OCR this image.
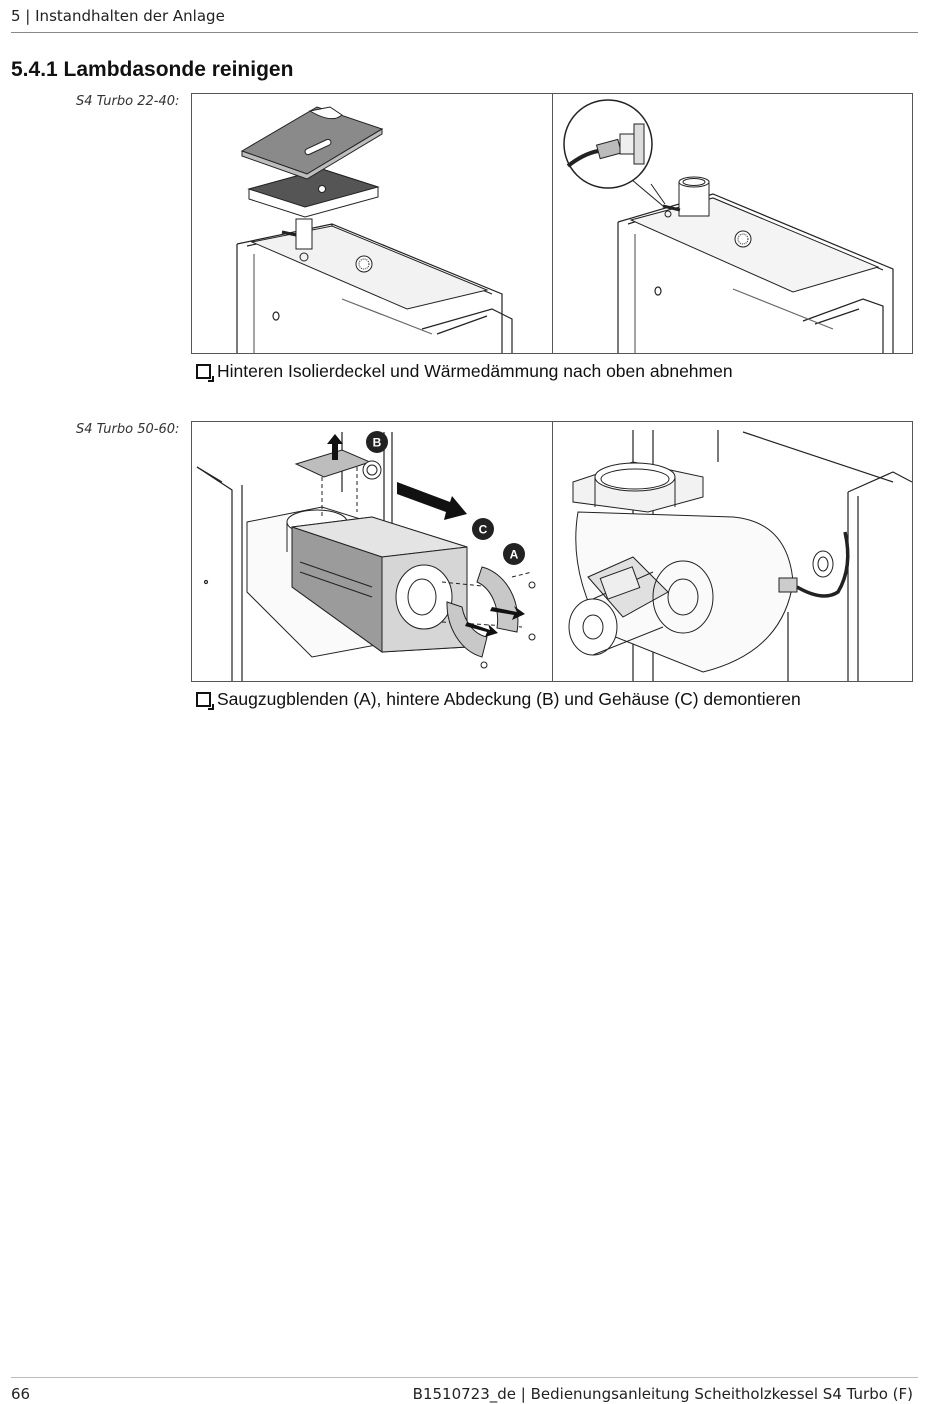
5 | Instandhalten der Anlage
5.4.1 Lambdasonde reinigen
S4 Turbo 22-40:
Hinteren Isolierdeckel und Wärmedämmung nach oben abnehmen
S4 Turbo 50-60:
B
C
A
Saugzugblenden (A), hintere Abdeckung (B) und Gehäuse (C) demontieren
66	B1510723_de | Bedienungsanleitung Scheitholzkessel S4 Turbo (F)
